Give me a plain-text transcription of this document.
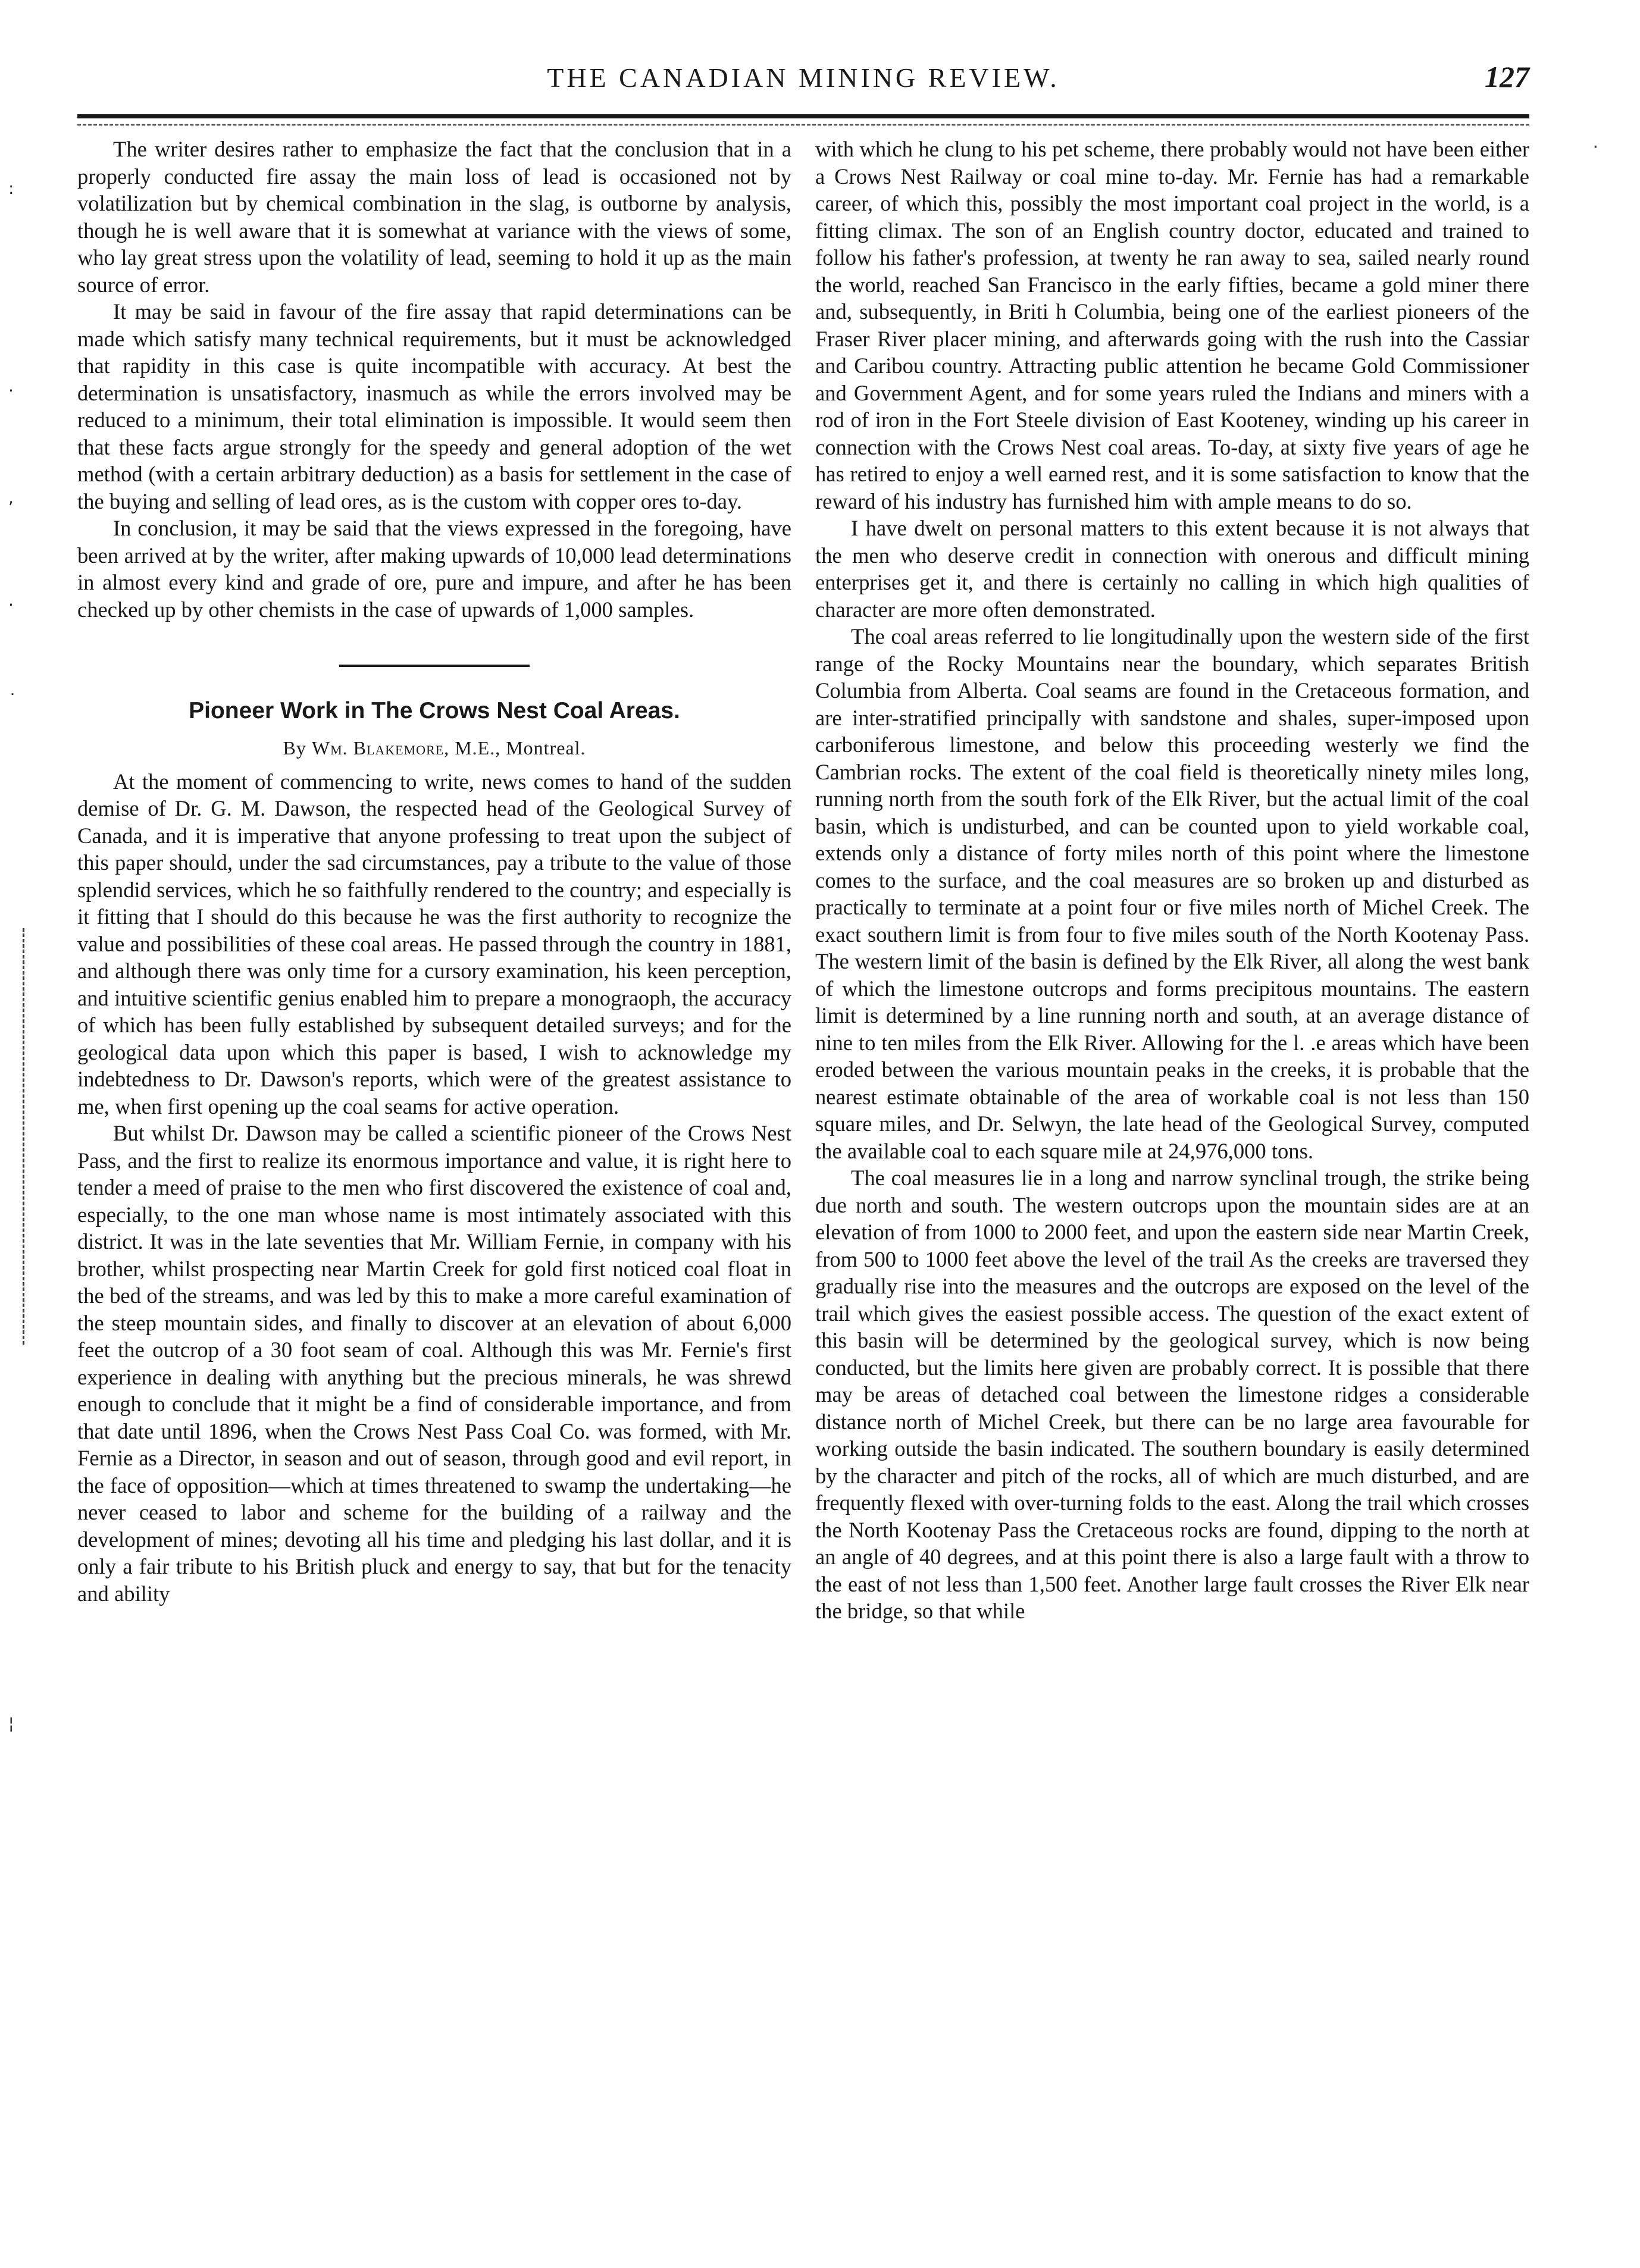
THE CANADIAN MINING REVIEW.	127
:
·
,
·
˙
¦
·

The writer desires rather to emphasize the fact that the conclusion that in a properly conducted fire assay the main loss of lead is occasioned not by volatilization but by chemical combination in the slag, is outborne by analysis, though he is well aware that it is somewhat at variance with the views of some, who lay great stress upon the volatility of lead, seeming to hold it up as the main source of error.

It may be said in favour of the fire assay that rapid determinations can be made which satisfy many technical requirements, but it must be acknowledged that rapidity in this case is quite incompatible with accuracy. At best the determination is unsatisfactory, inasmuch as while the errors involved may be reduced to a minimum, their total elimination is impossible. It would seem then that these facts argue strongly for the speedy and general adoption of the wet method (with a certain arbitrary deduction) as a basis for settlement in the case of the buying and selling of lead ores, as is the custom with copper ores to-day.

In conclusion, it may be said that the views expressed in the foregoing, have been arrived at by the writer, after making upwards of 10,000 lead determinations in almost every kind and grade of ore, pure and impure, and after he has been checked up by other chemists in the case of upwards of 1,000 samples.

Pioneer Work in The Crows Nest Coal Areas.
By Wm. Blakemore, M.E., Montreal.

At the moment of commencing to write, news comes to hand of the sudden demise of Dr. G. M. Dawson, the respected head of the Geological Survey of Canada, and it is imperative that anyone professing to treat upon the subject of this paper should, under the sad circumstances, pay a tribute to the value of those splendid services, which he so faithfully rendered to the country; and especially is it fitting that I should do this because he was the first authority to recognize the value and possibilities of these coal areas. He passed through the country in 1881, and although there was only time for a cursory examination, his keen perception, and intuitive scientific genius enabled him to prepare a monograoph, the accuracy of which has been fully established by subsequent detailed surveys; and for the geological data upon which this paper is based, I wish to acknowledge my indebtedness to Dr. Dawson's reports, which were of the greatest assistance to me, when first opening up the coal seams for active operation.

But whilst Dr. Dawson may be called a scientific pioneer of the Crows Nest Pass, and the first to realize its enormous importance and value, it is right here to tender a meed of praise to the men who first discovered the existence of coal and, especially, to the one man whose name is most intimately associated with this district. It was in the late seventies that Mr. William Fernie, in company with his brother, whilst prospecting near Martin Creek for gold first noticed coal float in the bed of the streams, and was led by this to make a more careful examination of the steep mountain sides, and finally to discover at an elevation of about 6,000 feet the outcrop of a 30 foot seam of coal. Although this was Mr. Fernie's first experience in dealing with anything but the precious minerals, he was shrewd enough to conclude that it might be a find of considerable importance, and from that date until 1896, when the Crows Nest Pass Coal Co. was formed, with Mr. Fernie as a Director, in season and out of season, through good and evil report, in the face of opposition—which at times threatened to swamp the undertaking—he never ceased to labor and scheme for the building of a railway and the development of mines; devoting all his time and pledging his last dollar, and it is only a fair tribute to his British pluck and energy to say, that but for the tenacity and ability

with which he clung to his pet scheme, there probably would not have been either a Crows Nest Railway or coal mine to-day. Mr. Fernie has had a remarkable career, of which this, possibly the most important coal project in the world, is a fitting climax. The son of an English country doctor, educated and trained to follow his father's profession, at twenty he ran away to sea, sailed nearly round the world, reached San Francisco in the early fifties, became a gold miner there and, subsequently, in Briti h Columbia, being one of the earliest pioneers of the Fraser River placer mining, and afterwards going with the rush into the Cassiar and Caribou country. Attracting public attention he became Gold Commissioner and Government Agent, and for some years ruled the Indians and miners with a rod of iron in the Fort Steele division of East Kooteney, winding up his career in connection with the Crows Nest coal areas. To-day, at sixty five years of age he has retired to enjoy a well earned rest, and it is some satisfaction to know that the reward of his industry has furnished him with ample means to do so.

I have dwelt on personal matters to this extent because it is not always that the men who deserve credit in connection with onerous and difficult mining enterprises get it, and there is certainly no calling in which high qualities of character are more often demonstrated.

The coal areas referred to lie longitudinally upon the western side of the first range of the Rocky Mountains near the boundary, which separates British Columbia from Alberta. Coal seams are found in the Cretaceous formation, and are inter-stratified principally with sandstone and shales, super-imposed upon carboniferous limestone, and below this proceeding westerly we find the Cambrian rocks. The extent of the coal field is theoretically ninety miles long, running north from the south fork of the Elk River, but the actual limit of the coal basin, which is undisturbed, and can be counted upon to yield workable coal, extends only a distance of forty miles north of this point where the limestone comes to the surface, and the coal measures are so broken up and disturbed as practically to terminate at a point four or five miles north of Michel Creek. The exact southern limit is from four to five miles south of the North Kootenay Pass. The western limit of the basin is defined by the Elk River, all along the west bank of which the limestone outcrops and forms precipitous mountains. The eastern limit is determined by a line running north and south, at an average distance of nine to ten miles from the Elk River. Allowing for the l. .e areas which have been eroded between the various mountain peaks in the creeks, it is probable that the nearest estimate obtainable of the area of workable coal is not less than 150 square miles, and Dr. Selwyn, the late head of the Geological Survey, computed the available coal to each square mile at 24,976,000 tons.

The coal measures lie in a long and narrow synclinal trough, the strike being due north and south. The western outcrops upon the mountain sides are at an elevation of from 1000 to 2000 feet, and upon the eastern side near Martin Creek, from 500 to 1000 feet above the level of the trail As the creeks are traversed they gradually rise into the measures and the outcrops are exposed on the level of the trail which gives the easiest possible access. The question of the exact extent of this basin will be determined by the geological survey, which is now being conducted, but the limits here given are probably correct. It is possible that there may be areas of detached coal between the limestone ridges a considerable distance north of Michel Creek, but there can be no large area favourable for working outside the basin indicated. The southern boundary is easily determined by the character and pitch of the rocks, all of which are much disturbed, and are frequently flexed with over-turning folds to the east. Along the trail which crosses the North Kootenay Pass the Cretaceous rocks are found, dipping to the north at an angle of 40 degrees, and at this point there is also a large fault with a throw to the east of not less than 1,500 feet. Another large fault crosses the River Elk near the bridge, so that while
